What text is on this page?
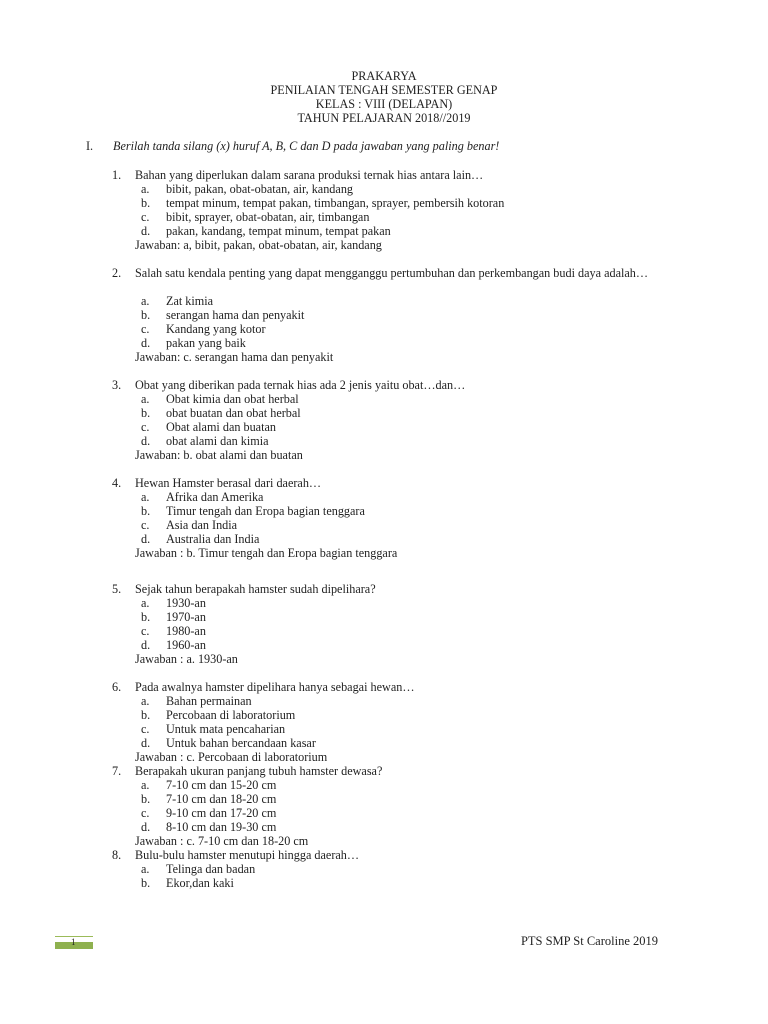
PRAKARYA
PENILAIAN TENGAH SEMESTER GENAP
KELAS : VIII (DELAPAN)
TAHUN PELAJARAN 2018//2019
I. Berilah tanda silang (x) huruf A, B, C dan D pada jawaban yang paling benar!
1. Bahan yang diperlukan dalam sarana produksi ternak hias antara lain…
a. bibit, pakan, obat-obatan, air, kandang
b. tempat minum, tempat pakan, timbangan, sprayer, pembersih kotoran
c. bibit, sprayer, obat-obatan, air, timbangan
d. pakan, kandang, tempat minum, tempat pakan
Jawaban: a, bibit, pakan, obat-obatan, air, kandang
2. Salah satu kendala penting yang dapat mengganggu pertumbuhan dan perkembangan budi daya adalah…
a. Zat kimia
b. serangan hama dan penyakit
c. Kandang yang kotor
d. pakan yang baik
Jawaban: c. serangan hama dan penyakit
3. Obat yang diberikan pada ternak hias ada 2 jenis yaitu obat…dan…
a. Obat kimia dan obat herbal
b. obat buatan dan obat herbal
c. Obat alami dan buatan
d. obat alami dan kimia
Jawaban: b. obat alami dan buatan
4. Hewan Hamster berasal dari daerah…
a. Afrika dan Amerika
b. Timur tengah dan Eropa bagian tenggara
c. Asia dan India
d. Australia dan India
Jawaban : b. Timur tengah dan Eropa bagian tenggara
5. Sejak tahun berapakah hamster sudah dipelihara?
a. 1930-an
b. 1970-an
c. 1980-an
d. 1960-an
Jawaban : a. 1930-an
6. Pada awalnya hamster dipelihara hanya sebagai hewan…
a. Bahan permainan
b. Percobaan di laboratorium
c. Untuk mata pencaharian
d. Untuk bahan bercandaan kasar
Jawaban : c. Percobaan di laboratorium
7. Berapakah ukuran panjang tubuh hamster dewasa?
a. 7-10 cm dan 15-20 cm
b. 7-10 cm dan 18-20 cm
c. 9-10 cm dan 17-20 cm
d. 8-10 cm dan 19-30 cm
Jawaban : c. 7-10 cm dan 18-20 cm
8. Bulu-bulu hamster menutupi hingga daerah…
a. Telinga dan badan
b. Ekor,dan kaki
1	PTS SMP St Caroline 2019
